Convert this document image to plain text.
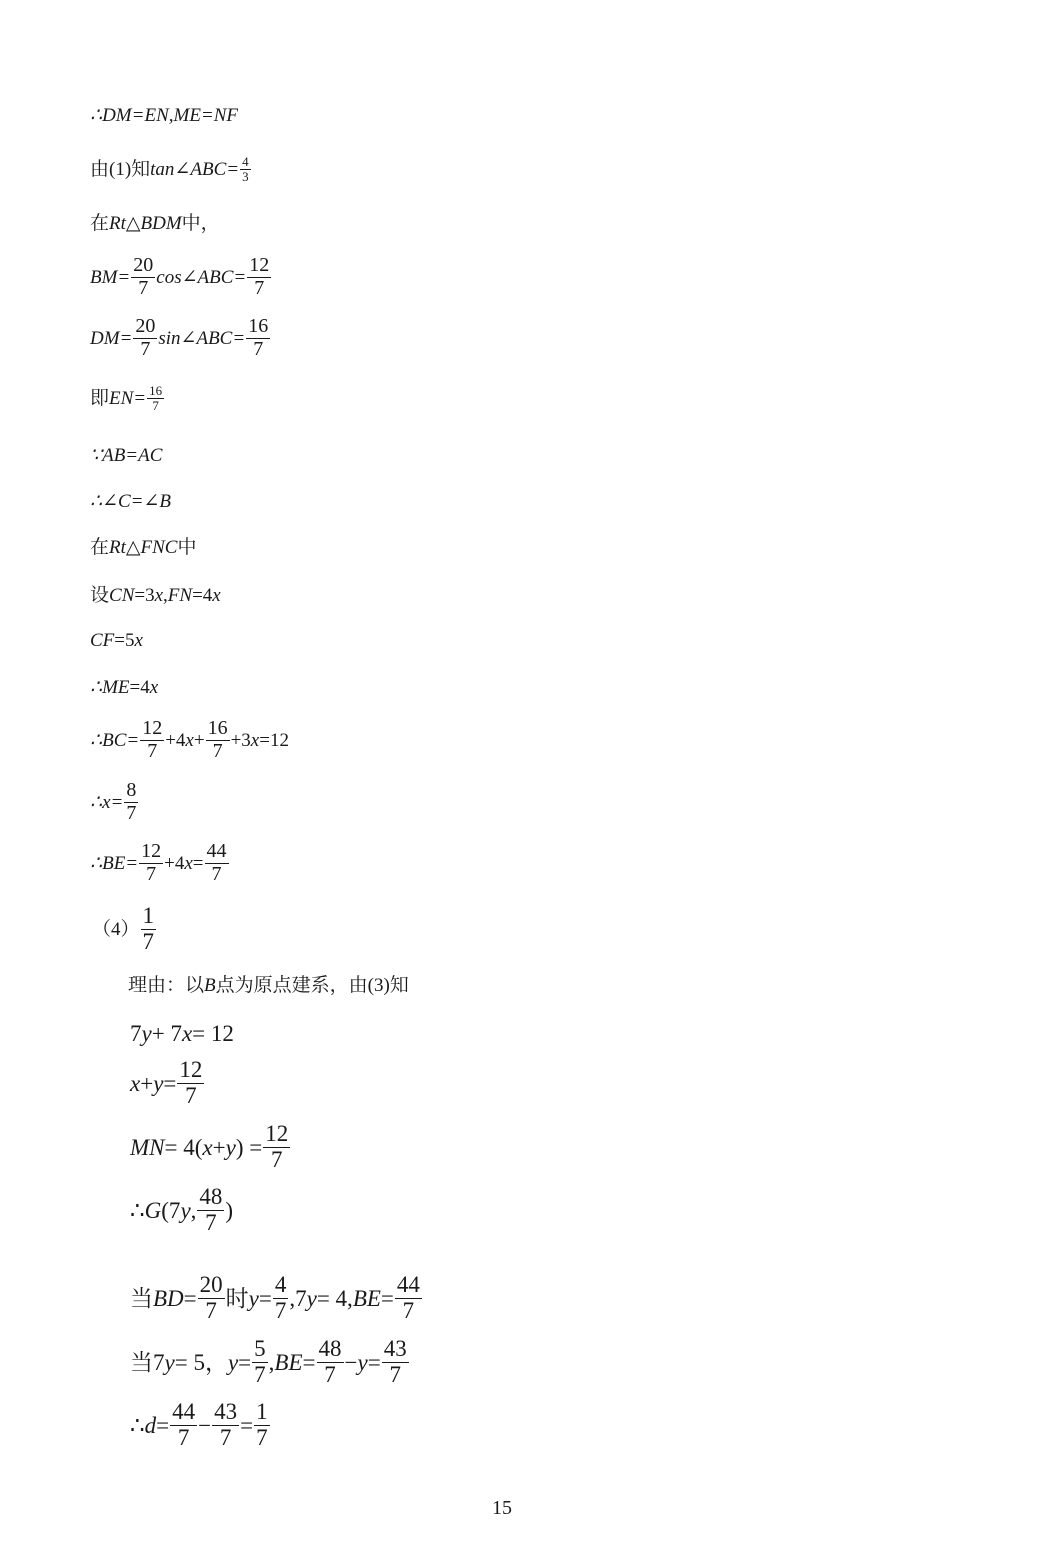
∴DM=EN,ME=NF
由(1)知 tan∠ABC= $\frac{4}{3}$
在 Rt△BDM 中，
$BM= \frac{20}{7}$ cos∠ABC= $\frac{12}{7}$
$DM= \frac{20}{7}$ sin∠ABC= $\frac{16}{7}$
即 $EN= \frac{16}{7}$
∵AB=AC
∴∠C=∠B
在 Rt△FNC 中
设 CN =3 x , FN =4 x
CF =5 x
∴ME =4 x
∴BC= $\frac{12}{7} +4$ $x + \frac{16}{7} +3$ x =12
∴x= $\frac{8}{7}$
∴BE= $\frac{12}{7} +4$ $x = \frac{44}{7}$
$(4) \frac{1}{7}$
理由：以 B 点为原点建系，由(3)知
7 y + 7 x = 12
$x + y = \frac{12}{7}$
MN = 4( x + y ) = $\frac{12}{7}$
∴ G (7 y , $\frac{48}{7}$ )
当 BD = $\frac{20}{7}$ 时 $y = \frac{4}{7} ,7$ y = 4, BE = $\frac{44}{7}$
当7 y = 5， $y = \frac{5}{7}$ , BE = $\frac{48}{7} - y = \frac{43}{7}$
∴ $d = \frac{44}{7} - \frac{43}{7} = \frac{1}{7}$
15
